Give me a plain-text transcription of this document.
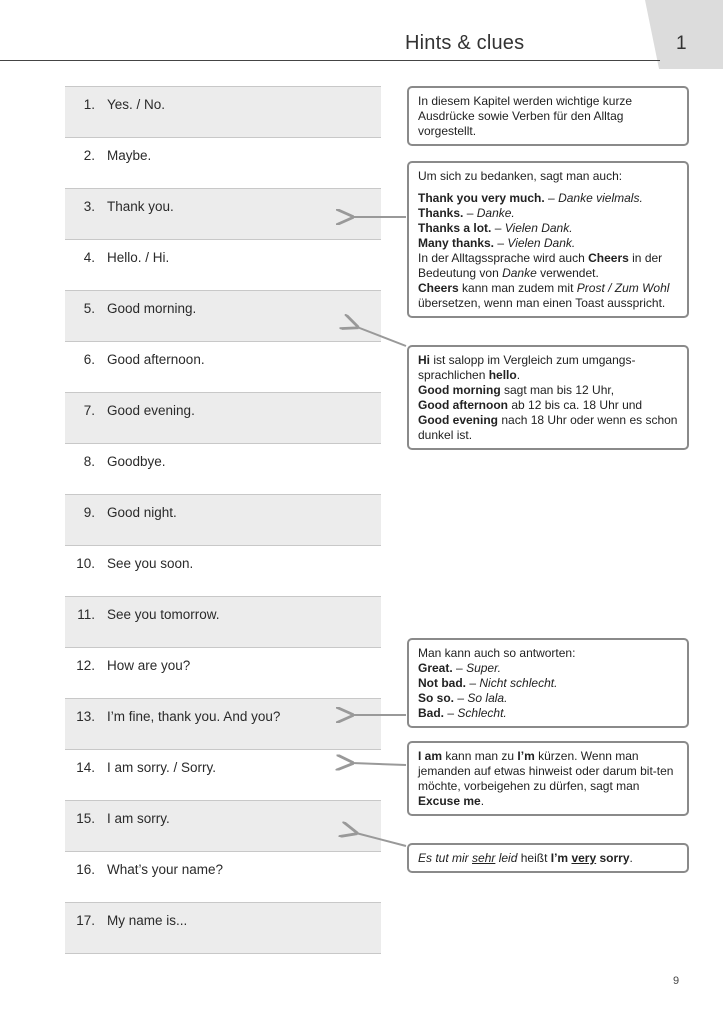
1
Hints & clues
1. Yes. / No.
2. Maybe.
3. Thank you.
4. Hello. / Hi.
5. Good morning.
6. Good afternoon.
7. Good evening.
8. Goodbye.
9. Good night.
10. See you soon.
11. See you tomorrow.
12. How are you?
13. I’m fine, thank you. And you?
14. I am sorry. / Sorry.
15. I am sorry.
16. What’s your name?
17. My name is...

In diesem Kapitel werden wichtige kurze Ausdrücke sowie Verben für den Alltag vorgestellt.

Um sich zu bedanken, sagt man auch:

Thank you very much. – Danke vielmals.

Thanks. – Danke.

Thanks a lot. – Vielen Dank.

Many thanks. – Vielen Dank.

In der Alltagssprache wird auch Cheers in der Bedeutung von Danke verwendet.

Cheers kann man zudem mit Prost / Zum Wohl übersetzen, wenn man einen Toast ausspricht.

Hi ist salopp im Vergleich zum umgangs-sprachlichen hello.

Good morning sagt man bis 12 Uhr,

Good afternoon ab 12 bis ca. 18 Uhr und

Good evening nach 18 Uhr oder wenn es schon dunkel ist.

Man kann auch so antworten:

Great. – Super.

Not bad. – Nicht schlecht.

So so. – So lala.

Bad. – Schlecht.

I am kann man zu I’m kürzen. Wenn man jemanden auf etwas hinweist oder darum bit-ten möchte, vorbeigehen zu dürfen, sagt man Excuse me.

Es tut mir sehr leid heißt I’m very sorry.

9
